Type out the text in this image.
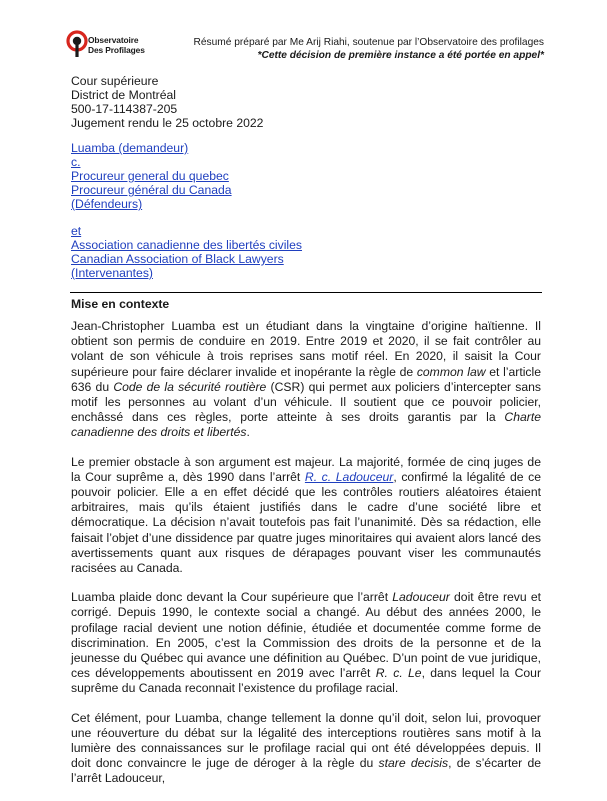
Observatoire
Des Profilages
Résumé préparé par Me Arij Riahi, soutenue par l’Observatoire des profilages
*Cette décision de première instance a été portée en appel*
Cour supérieure
District de Montréal
500-17-114387-205
Jugement rendu le 25 octobre 2022
Luamba (demandeur)
c.
Procureur general du quebec
Procureur général du Canada
(Défendeurs)
et
Association canadienne des libertés civiles
Canadian Association of Black Lawyers
(Intervenantes)
Mise en contexte

Jean-Christopher Luamba est un étudiant dans la vingtaine d’origine haïtienne. Il obtient son permis de conduire en 2019. Entre 2019 et 2020, il se fait contrôler au volant de son véhicule à trois reprises sans motif réel. En 2020, il saisit la Cour supérieure pour faire déclarer invalide et inopérante la règle de common law et l’article 636 du Code de la sécurité routière (CSR) qui permet aux policiers d’intercepter sans motif les personnes au volant d’un véhicule. Il soutient que ce pouvoir policier, enchâssé dans ces règles, porte atteinte à ses droits garantis par la Charte canadienne des droits et libertés.

Le premier obstacle à son argument est majeur. La majorité, formée de cinq juges de la Cour suprême a, dès 1990 dans l’arrêt R. c. Ladouceur, confirmé la légalité de ce pouvoir policier. Elle a en effet décidé que les contrôles routiers aléatoires étaient arbitraires, mais qu’ils étaient justifiés dans le cadre d’une société libre et démocratique. La décision n’avait toutefois pas fait l’unanimité. Dès sa rédaction, elle faisait l’objet d’une dissidence par quatre juges minoritaires qui avaient alors lancé des avertissements quant aux risques de dérapages pouvant viser les communautés racisées au Canada.

Luamba plaide donc devant la Cour supérieure que l’arrêt Ladouceur doit être revu et corrigé. Depuis 1990, le contexte social a changé. Au début des années 2000, le profilage racial devient une notion définie, étudiée et documentée comme forme de discrimination. En 2005, c’est la Commission des droits de la personne et de la jeunesse du Québec qui avance une définition au Québec. D’un point de vue juridique, ces développements aboutissent en 2019 avec l’arrêt R. c. Le, dans lequel la Cour suprême du Canada reconnait l’existence du profilage racial.

Cet élément, pour Luamba, change tellement la donne qu’il doit, selon lui, provoquer une réouverture du débat sur la légalité des interceptions routières sans motif à la lumière des connaissances sur le profilage racial qui ont été développées depuis. Il doit donc convaincre le juge de déroger à la règle du stare decisis, de s’écarter de l’arrêt Ladouceur,
